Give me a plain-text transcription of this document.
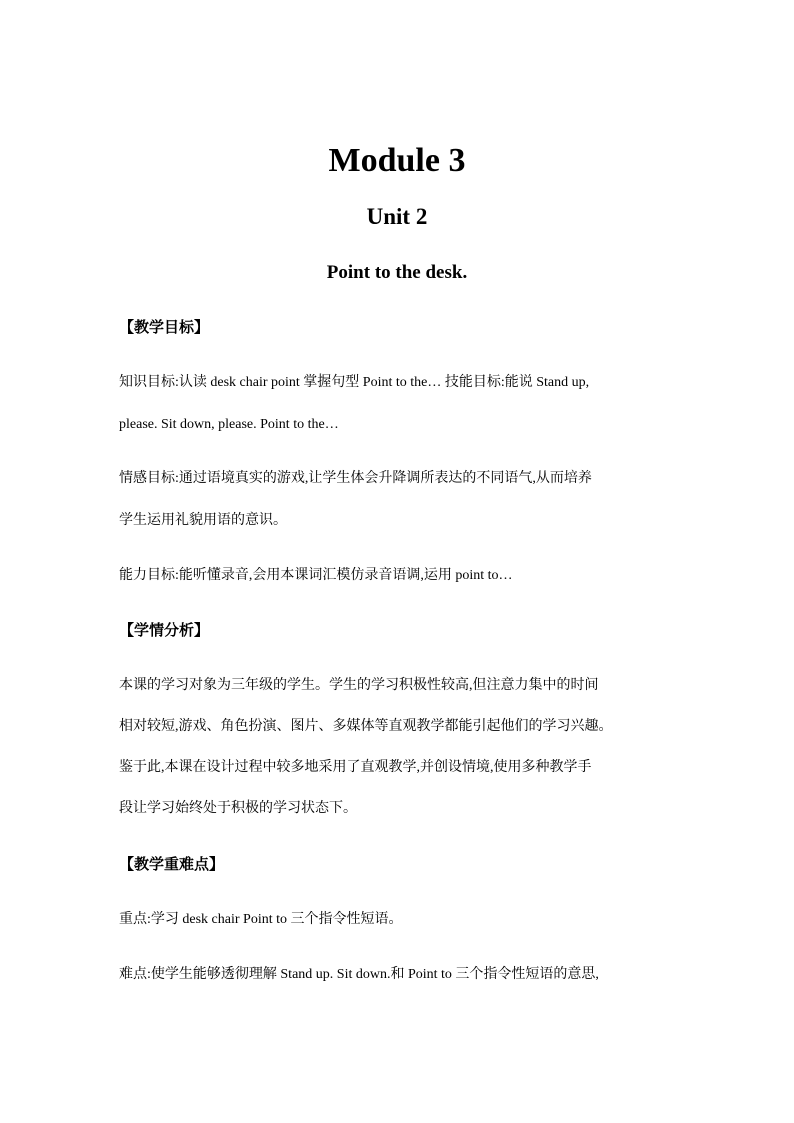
Module 3
Unit 2
Point to the desk.
【教学目标】
知识目标:认读 desk chair point 掌握句型 Point to the… 技能目标:能说 Stand up,
please. Sit down, please. Point to the…
情感目标:通过语境真实的游戏,让学生体会升降调所表达的不同语气,从而培养
学生运用礼貌用语的意识。
能力目标:能听懂录音,会用本课词汇模仿录音语调,运用 point to…
【学情分析】
本课的学习对象为三年级的学生。学生的学习积极性较高,但注意力集中的时间
相对较短,游戏、角色扮演、图片、多媒体等直观教学都能引起他们的学习兴趣。
鉴于此,本课在设计过程中较多地采用了直观教学,并创设情境,使用多种教学手
段让学习始终处于积极的学习状态下。
【教学重难点】
重点:学习 desk chair Point to 三个指令性短语。
难点:使学生能够透彻理解 Stand up. Sit down.和 Point to 三个指令性短语的意思,
